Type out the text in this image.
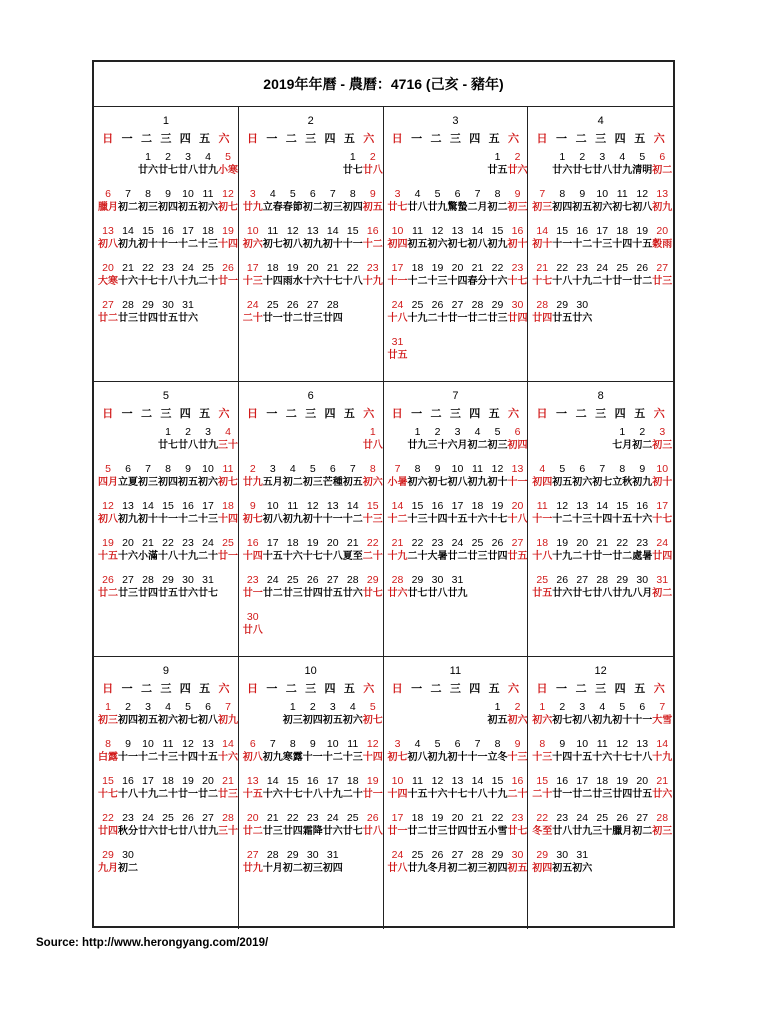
2019年年曆 - 農曆：4716 (己亥 - 豬年)
1
日 一 二 三 四 五 六
1
廿六
2
廿七
3
廿八
4
廿九
5
小寒
6
臘月
7
初二
8
初三
9
初四
10
初五
11
初六
12
初七
13
初八
14
初九
15
初十
16
十一
17
十二
18
十三
19
十四
20
大寒
21
十六
22
十七
23
十八
24
十九
25
二十
26
廿一
27
廿二
28
廿三
29
廿四
30
廿五
31
廿六
2
日 一 二 三 四 五 六
1
廿七
2
廿八
3
廿九
4
立春
5
春節
6
初二
7
初三
8
初四
9
初五
10
初六
11
初七
12
初八
13
初九
14
初十
15
十一
16
十二
17
十三
18
十四
19
雨水
20
十六
21
十七
22
十八
23
十九
24
二十
25
廿一
26
廿二
27
廿三
28
廿四
3
日 一 二 三 四 五 六
1
廿五
2
廿六
3
廿七
4
廿八
5
廿九
6
驚蟄
7
二月
8
初二
9
初三
10
初四
11
初五
12
初六
13
初七
14
初八
15
初九
16
初十
17
十一
18
十二
19
十三
20
十四
21
春分
22
十六
23
十七
24
十八
25
十九
26
二十
27
廿一
28
廿二
29
廿三
30
廿四
31
廿五
4
日 一 二 三 四 五 六
1
廿六
2
廿七
3
廿八
4
廿九
5
清明
6
初二
7
初三
8
初四
9
初五
10
初六
11
初七
12
初八
13
初九
14
初十
15
十一
16
十二
17
十三
18
十四
19
十五
20
穀雨
21
十七
22
十八
23
十九
24
二十
25
廿一
26
廿二
27
廿三
28
廿四
29
廿五
30
廿六
5
日 一 二 三 四 五 六
1
廿七
2
廿八
3
廿九
4
三十
5
四月
6
立夏
7
初三
8
初四
9
初五
10
初六
11
初七
12
初八
13
初九
14
初十
15
十一
16
十二
17
十三
18
十四
19
十五
20
十六
21
小滿
22
十八
23
十九
24
二十
25
廿一
26
廿二
27
廿三
28
廿四
29
廿五
30
廿六
31
廿七
6
日 一 二 三 四 五 六
1
廿八
2
廿九
3
五月
4
初二
5
初三
6
芒種
7
初五
8
初六
9
初七
10
初八
11
初九
12
初十
13
十一
14
十二
15
十三
16
十四
17
十五
18
十六
19
十七
20
十八
21
夏至
22
二十
23
廿一
24
廿二
25
廿三
26
廿四
27
廿五
28
廿六
29
廿七
30
廿八
7
日 一 二 三 四 五 六
1
廿九
2
三十
3
六月
4
初二
5
初三
6
初四
7
小暑
8
初六
9
初七
10
初八
11
初九
12
初十
13
十一
14
十二
15
十三
16
十四
17
十五
18
十六
19
十七
20
十八
21
十九
22
二十
23
大暑
24
廿二
25
廿三
26
廿四
27
廿五
28
廿六
29
廿七
30
廿八
31
廿九
8
日 一 二 三 四 五 六
1
七月
2
初二
3
初三
4
初四
5
初五
6
初六
7
初七
8
立秋
9
初九
10
初十
11
十一
12
十二
13
十三
14
十四
15
十五
16
十六
17
十七
18
十八
19
十九
20
二十
21
廿一
22
廿二
23
處暑
24
廿四
25
廿五
26
廿六
27
廿七
28
廿八
29
廿九
30
八月
31
初二
9
日 一 二 三 四 五 六
1
初三
2
初四
3
初五
4
初六
5
初七
6
初八
7
初九
8
白露
9
十一
10
十二
11
十三
12
十四
13
十五
14
十六
15
十七
16
十八
17
十九
18
二十
19
廿一
20
廿二
21
廿三
22
廿四
23
秋分
24
廿六
25
廿七
26
廿八
27
廿九
28
三十
29
九月
30
初二
10
日 一 二 三 四 五 六
1
初三
2
初四
3
初五
4
初六
5
初七
6
初八
7
初九
8
寒露
9
十一
10
十二
11
十三
12
十四
13
十五
14
十六
15
十七
16
十八
17
十九
18
二十
19
廿一
20
廿二
21
廿三
22
廿四
23
霜降
24
廿六
25
廿七
26
廿八
27
廿九
28
十月
29
初二
30
初三
31
初四
11
日 一 二 三 四 五 六
1
初五
2
初六
3
初七
4
初八
5
初九
6
初十
7
十一
8
立冬
9
十三
10
十四
11
十五
12
十六
13
十七
14
十八
15
十九
16
二十
17
廿一
18
廿二
19
廿三
20
廿四
21
廿五
22
小雪
23
廿七
24
廿八
25
廿九
26
冬月
27
初二
28
初三
29
初四
30
初五
12
日 一 二 三 四 五 六
1
初六
2
初七
3
初八
4
初九
5
初十
6
十一
7
大雪
8
十三
9
十四
10
十五
11
十六
12
十七
13
十八
14
十九
15
二十
16
廿一
17
廿二
18
廿三
19
廿四
20
廿五
21
廿六
22
冬至
23
廿八
24
廿九
25
三十
26
臘月
27
初二
28
初三
29
初四
30
初五
31
初六
Source: http://www.herongyang.com/2019/
